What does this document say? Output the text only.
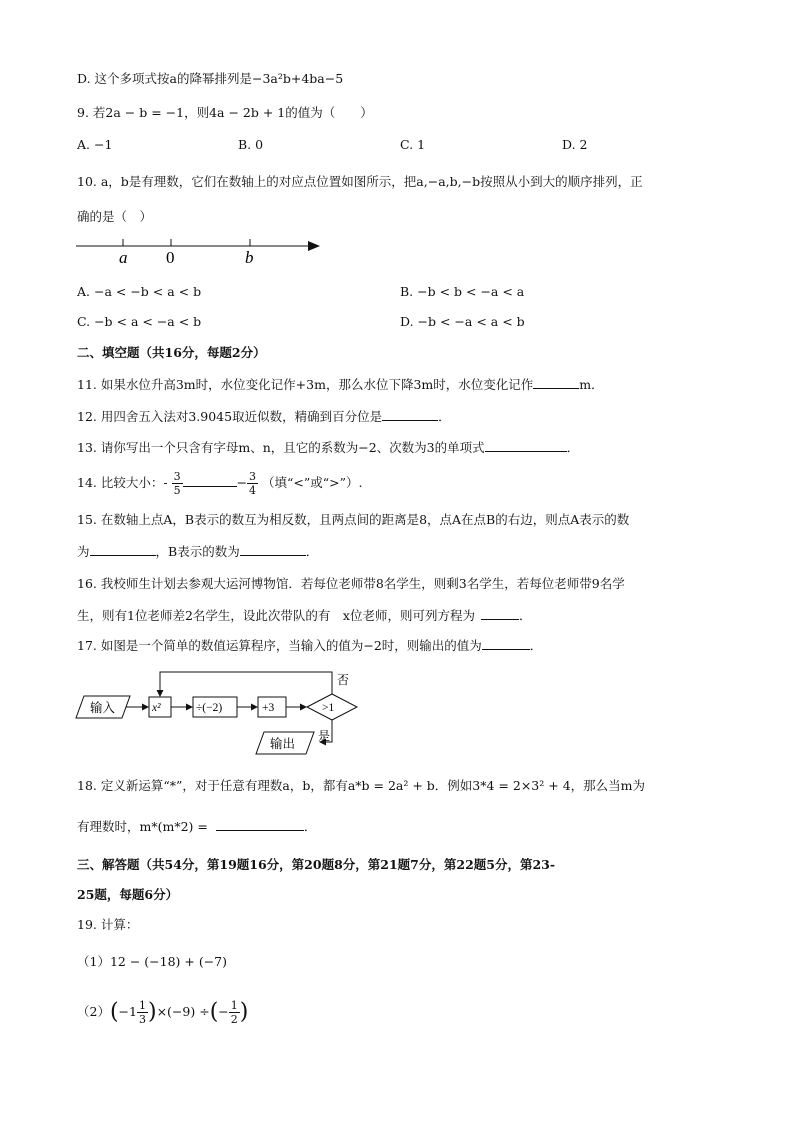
D. 这个多项式按a的降幂排列是−3a²b+4ba−5
9. 若2a − b = −1，则4a − 2b + 1的值为（　　）
A. −1	B. 0	C. 1	D. 2
10. a，b是有理数，它们在数轴上的对应点位置如图所示，把a,−a,b,−b按照从小到大的顺序排列，正
确的是（　）
a 0	b
A. −a < −b < a < b	B. −b < b < −a < a
C. −b < a < −a < b	D. −b < −a < a < b
二、填空题（共16分，每题2分）
11. 如果水位升高3m时，水位变化记作+3m，那么水位下降3m时，水位变化记作	m．
12. 用四舍五入法对3.9045取近似数，精确到百分位是	．
13. 请你写出一个只含有字母m、n，且它的系数为−2、次数为3的单项式	．
14. 比较大小：- $\frac{3}{5}$	− $\frac{3}{4}$ （填“<”或“>”）.
15. 在数轴上点A，B表示的数互为相反数，且两点间的距离是8，点A在点B的右边，则点A表示的数
为	，B表示的数为	．
16. 我校师生计划去参观大运河博物馆．若每位老师带8名学生，则剩3名学生，若每位老师带9名学
生，则有1位老师差2名学生，设此次带队的有　x位老师，则可列方程为	．
17. 如图是一个简单的数值运算程序，当输入的值为−2时，则输出的值为	．
输入	x²	÷(−2)	+3	>1
否
是
输出
18. 定义新运算“*”，对于任意有理数a，b，都有a*b = 2a² + b．例如3*4 = 2×3² + 4，那么当m为
有理数时，m*(m*2) =	．
三、解答题（共54分，第19题16分，第20题8分，第21题7分，第22题5分，第23-
25题，每题6分）
19. 计算：
（1）12 − (−18) + (−7)
$(2)(-1 \frac{1}{3} )\times(-9)$ ÷(− $\frac{1}{2}$ )
